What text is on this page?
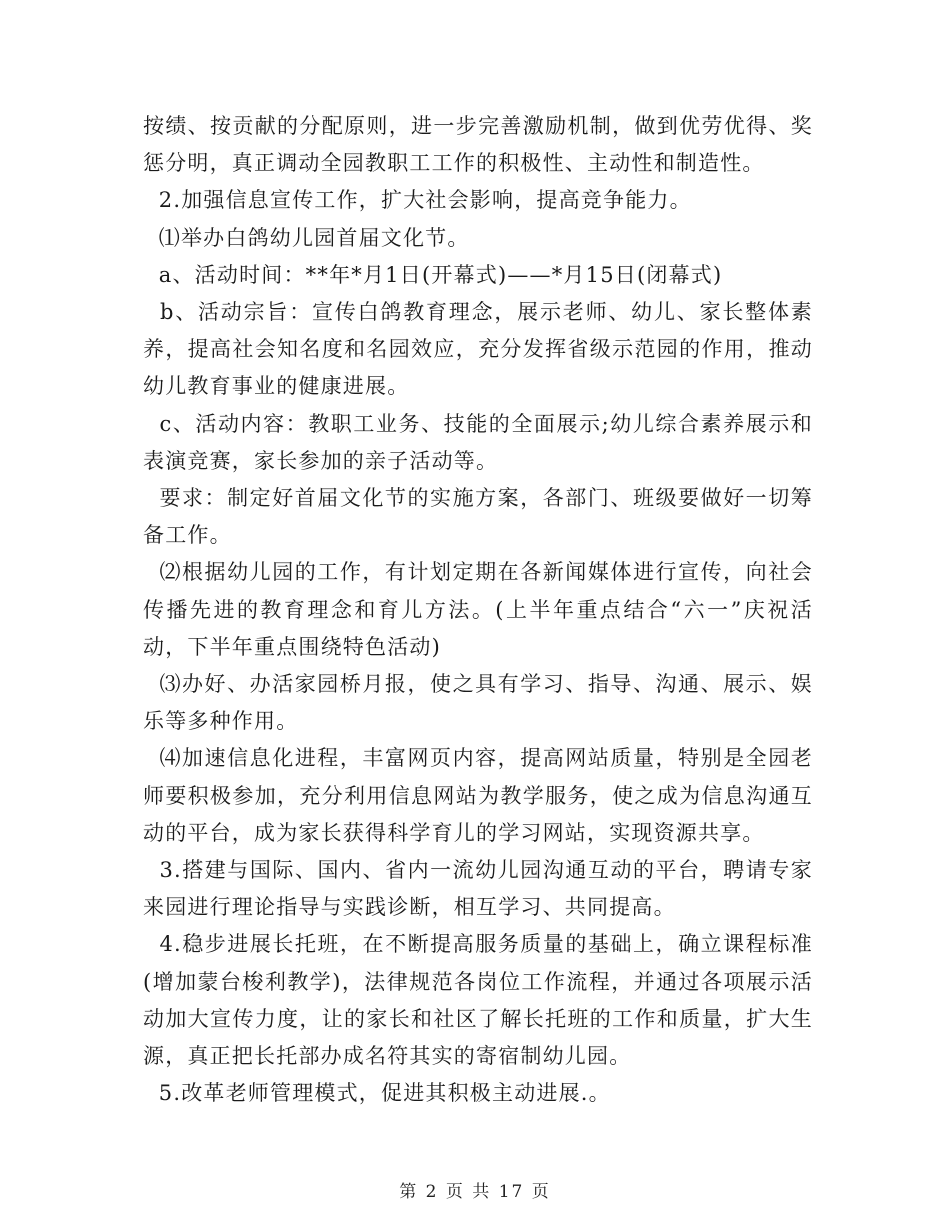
按绩、按贡献的分配原则，进一步完善激励机制，做到优劳优得、奖惩分明，真正调动全园教职工工作的积极性、主动性和制造性。

2.加强信息宣传工作，扩大社会影响，提高竞争能力。

⑴举办白鸽幼儿园首届文化节。

a、活动时间：**年*月1日(开幕式)——*月15日(闭幕式)

b、活动宗旨：宣传白鸽教育理念，展示老师、幼儿、家长整体素养，提高社会知名度和名园效应，充分发挥省级示范园的作用，推动幼儿教育事业的健康进展。

c、活动内容：教职工业务、技能的全面展示;幼儿综合素养展示和表演竞赛，家长参加的亲子活动等。

要求：制定好首届文化节的实施方案，各部门、班级要做好一切筹备工作。

⑵根据幼儿园的工作，有计划定期在各新闻媒体进行宣传，向社会传播先进的教育理念和育儿方法。(上半年重点结合“六一”庆祝活动，下半年重点围绕特色活动)

⑶办好、办活家园桥月报，使之具有学习、指导、沟通、展示、娱乐等多种作用。

⑷加速信息化进程，丰富网页内容，提高网站质量，特别是全园老师要积极参加，充分利用信息网站为教学服务，使之成为信息沟通互动的平台，成为家长获得科学育儿的学习网站，实现资源共享。

3.搭建与国际、国内、省内一流幼儿园沟通互动的平台，聘请专家来园进行理论指导与实践诊断，相互学习、共同提高。

4.稳步进展长托班，在不断提高服务质量的基础上，确立课程标准(增加蒙台梭利教学)，法律规范各岗位工作流程，并通过各项展示活动加大宣传力度，让的家长和社区了解长托班的工作和质量，扩大生源，真正把长托部办成名符其实的寄宿制幼儿园。

5.改革老师管理模式，促进其积极主动进展.。

第 2 页 共 17 页
